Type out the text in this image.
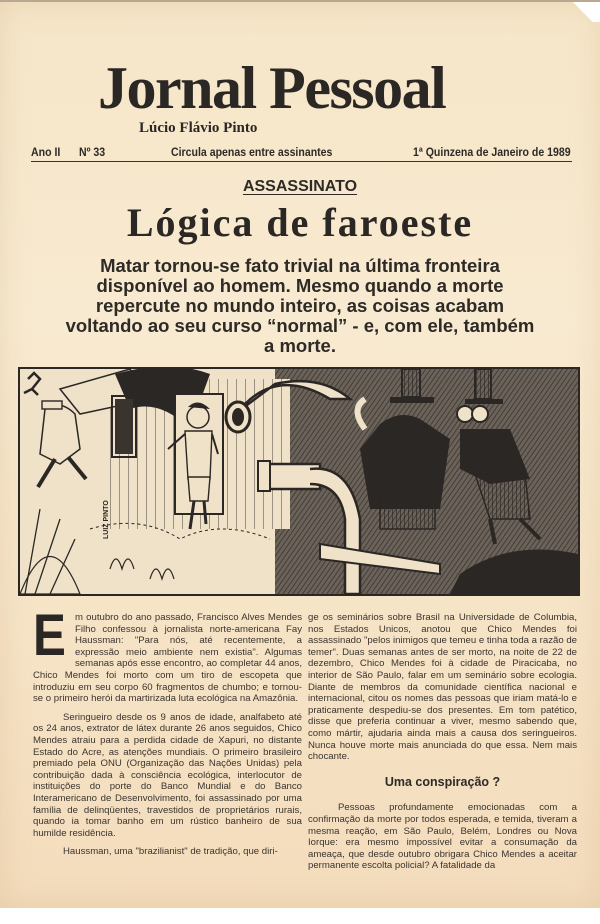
Jornal Pessoal
Lúcio Flávio Pinto
Ano II Nº 33	Circula apenas entre assinantes	1ª Quinzena de Janeiro de 1989
ASSASSINATO
Lógica de faroeste
Matar tornou-se fato trivial na última fronteira disponível ao homem. Mesmo quando a morte repercute no mundo inteiro, as coisas acabam voltando ao seu curso “normal” - e, com ele, também a morte.
LUIZ PINTO

Em outubro do ano passado, Francisco Alves Mendes Filho confessou à jornalista norte-americana Fay Haussman: "Para nós, até recentemente, a expressão meio ambiente nem existia". Algumas semanas após esse encontro, ao completar 44 anos, Chico Mendes foi morto com um tiro de escopeta que introduziu em seu corpo 60 fragmentos de chumbo; e tornou-se o primeiro herói da martirizada luta ecológica na Amazônia.

Seringueiro desde os 9 anos de idade, analfabeto até os 24 anos, extrator de látex durante 26 anos seguidos, Chico Mendes atraiu para a perdida cidade de Xapuri, no distante Estado do Acre, as atenções mundiais. O primeiro brasileiro premiado pela ONU (Organização das Nações Unidas) pela contribuição dada à consciência ecológica, interlocutor de instituições do porte do Banco Mundial e do Banco Interamericano de Desenvolvimento, foi assassinado por uma família de delinqüentes, travestidos de proprietários rurais, quando ia tomar banho em um rústico banheiro de sua humilde residência.

Haussman, uma "brazilianist" de tradição, que diri-

ge os seminários sobre Brasil na Universidade de Columbia, nos Estados Unicos, anotou que Chico Mendes foi assassinado "pelos inimigos que temeu e tinha toda a razão de temer". Duas semanas antes de ser morto, na noite de 22 de dezembro, Chico Mendes foi à cidade de Piracicaba, no interior de São Paulo, falar em um seminário sobre ecologia. Diante de membros da comunidade científica nacional e internacional, citou os nomes das pessoas que iriam matá-lo e praticamente despediu-se dos presentes. Em tom patético, disse que preferia continuar a viver, mesmo sabendo que, como mártir, ajudaria ainda mais a causa dos seringueiros. Nunca houve morte mais anunciada do que essa. Nem mais chocante.

Uma conspiração ?

Pessoas profundamente emocionadas com a confirmação da morte por todos esperada, e temida, tiveram a mesma reação, em São Paulo, Belém, Londres ou Nova Iorque: era mesmo impossível evitar a consumação da ameaça, que desde outubro obrigara Chico Mendes a aceitar permanente escolta policial? A fatalidade da
